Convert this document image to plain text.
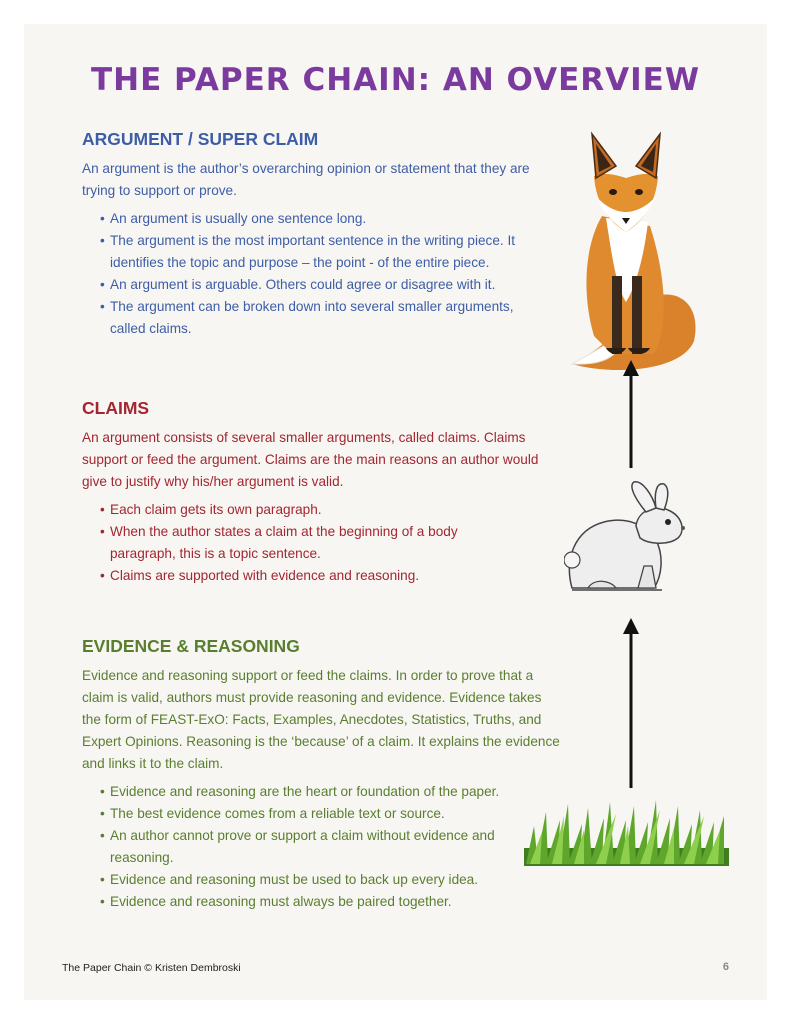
THE PAPER CHAIN: AN OVERVIEW
ARGUMENT / SUPER CLAIM

An argument is the author’s overarching opinion or statement that they are trying to support or prove.

• An argument is usually one sentence long.
• The argument is the most important sentence in the writing piece. It identifies the topic and purpose – the point - of the entire piece.
• An argument is arguable. Others could agree or disagree with it.
• The argument can be broken down into several smaller arguments, called claims.
CLAIMS

An argument consists of several smaller arguments, called claims. Claims support or feed the argument. Claims are the main reasons an author would give to justify why his/her argument is valid.

• Each claim gets its own paragraph.
• When the author states a claim at the beginning of a body paragraph, this is a topic sentence.
• Claims are supported with evidence and reasoning.
EVIDENCE & REASONING

Evidence and reasoning support or feed the claims. In order to prove that a claim is valid, authors must provide reasoning and evidence. Evidence takes the form of FEAST-ExO: Facts, Examples, Anecdotes, Statistics, Truths, and Expert Opinions. Reasoning is the ‘because’ of a claim. It explains the evidence and links it to the claim.

• Evidence and reasoning are the heart or foundation of the paper.
• The best evidence comes from a reliable text or source.
• An author cannot prove or support a claim without evidence and reasoning.
• Evidence and reasoning must be used to back up every idea.
• Evidence and reasoning must always be paired together.
The Paper Chain © Kristen Dembroski	6
